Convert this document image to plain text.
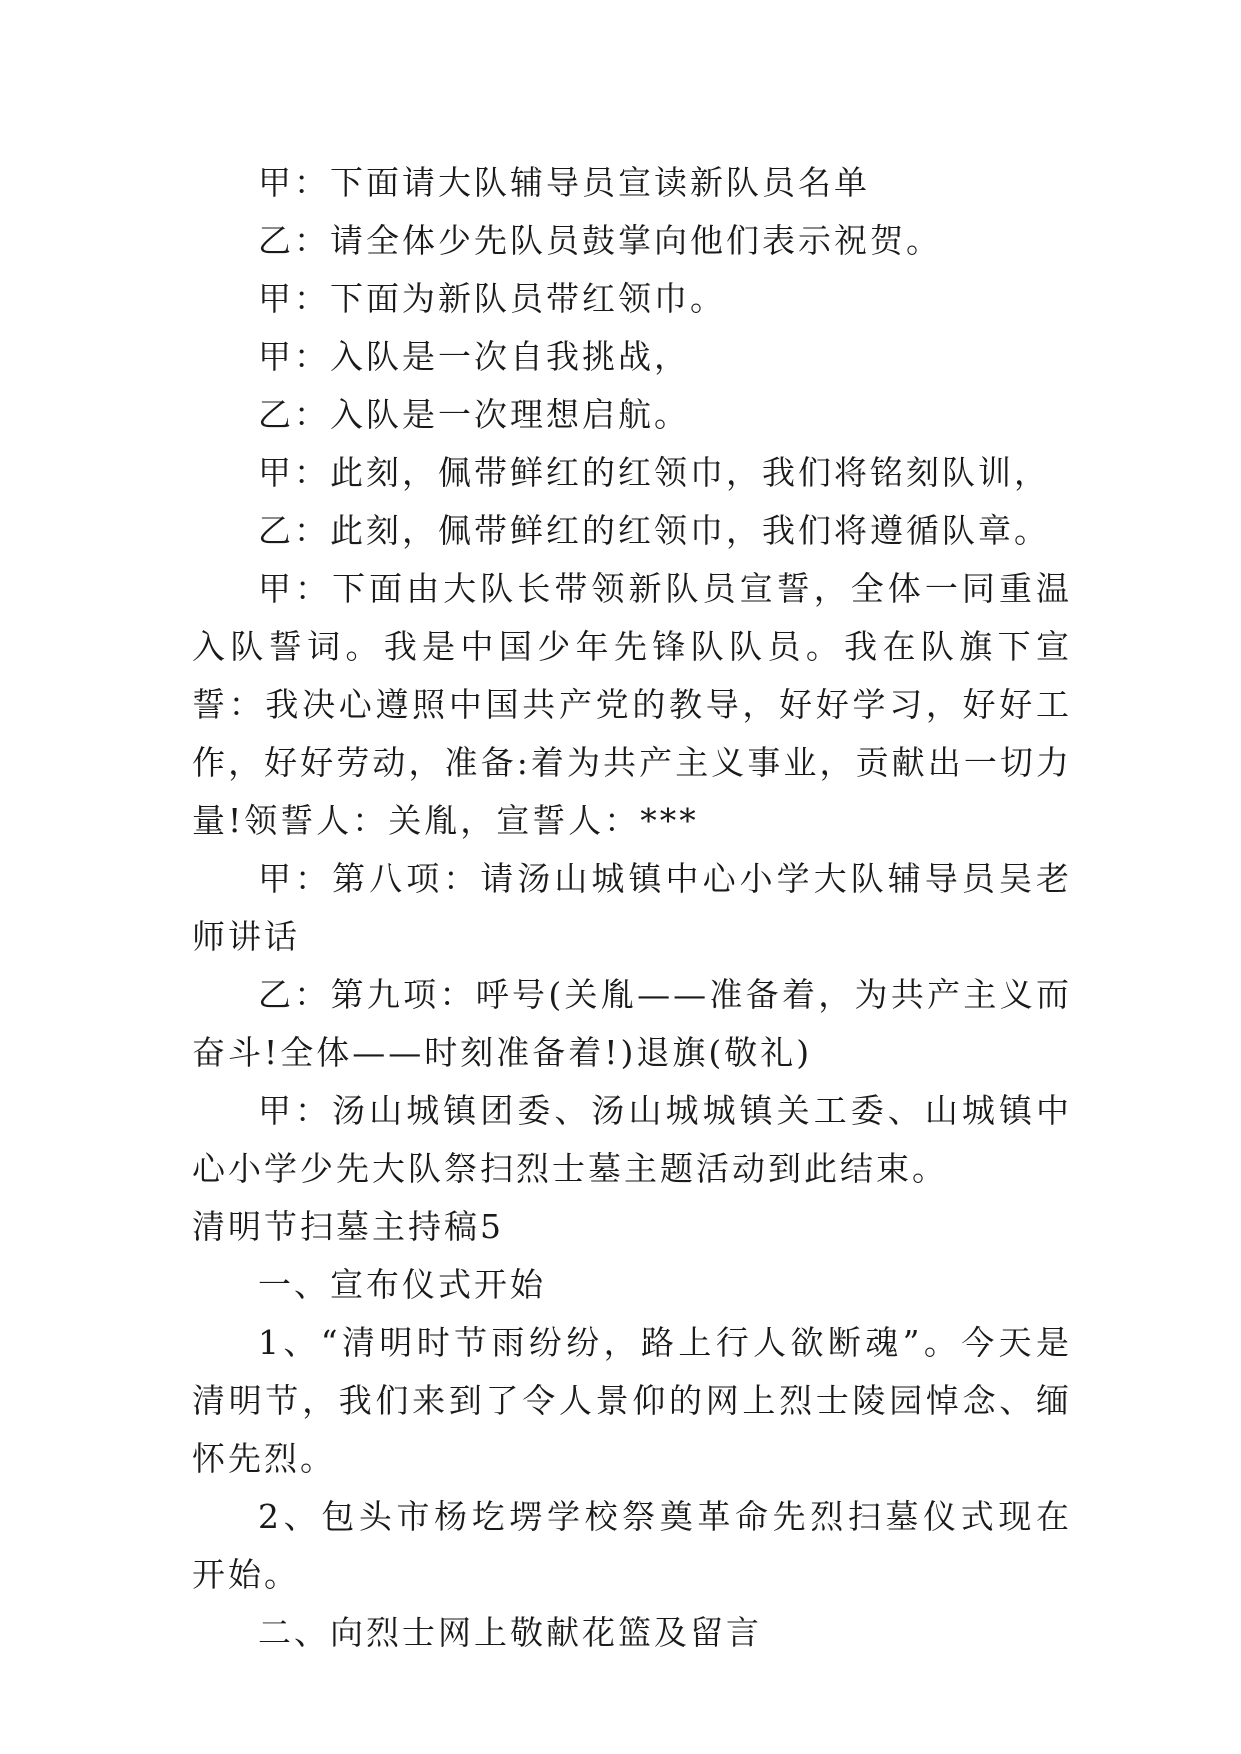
甲：下面请大队辅导员宣读新队员名单

乙：请全体少先队员鼓掌向他们表示祝贺。

甲：下面为新队员带红领巾。

甲：入队是一次自我挑战，

乙：入队是一次理想启航。

甲：此刻，佩带鲜红的红领巾，我们将铭刻队训，

乙：此刻，佩带鲜红的红领巾，我们将遵循队章。

甲：下面由大队长带领新队员宣誓，全体一同重温入队誓词。我是中国少年先锋队队员。我在队旗下宣誓：我决心遵照中国共产党的教导，好好学习，好好工作，好好劳动，准备:着为共产主义事业，贡献出一切力量!领誓人：关胤，宣誓人：***

甲：第八项：请汤山城镇中心小学大队辅导员吴老师讲话

乙：第九项：呼号(关胤——准备着，为共产主义而奋斗!全体——时刻准备着!)退旗(敬礼)

甲：汤山城镇团委、汤山城城镇关工委、山城镇中心小学少先大队祭扫烈士墓主题活动到此结束。

清明节扫墓主持稿5

一、宣布仪式开始

1、“清明时节雨纷纷，路上行人欲断魂”。今天是清明节，我们来到了令人景仰的网上烈士陵园悼念、缅怀先烈。

2、包头市杨圪塄学校祭奠革命先烈扫墓仪式现在开始。

二、向烈士网上敬献花篮及留言
